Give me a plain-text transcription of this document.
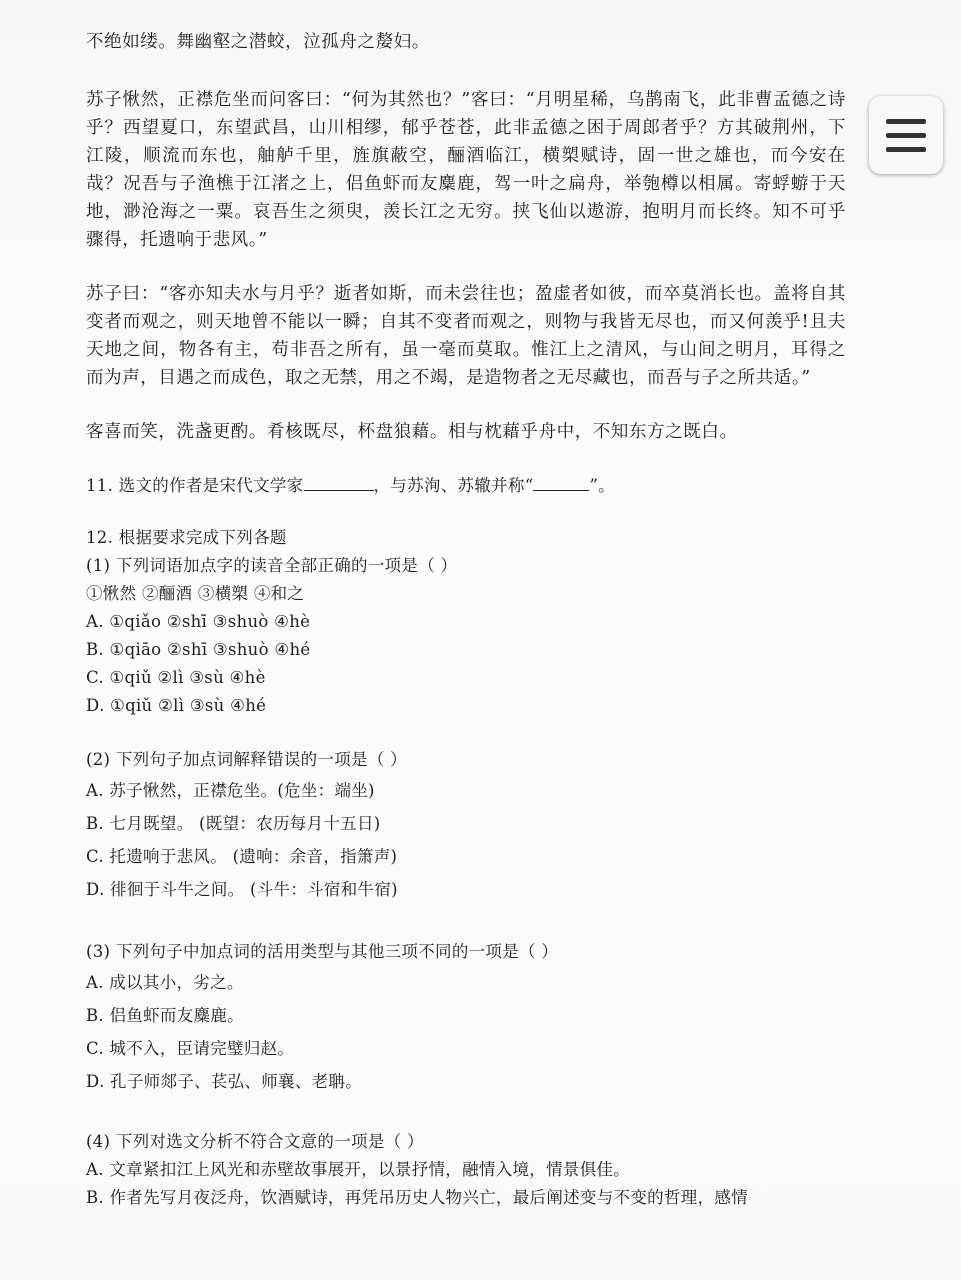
不绝如缕。舞幽壑之潜蛟，泣孤舟之嫠妇。

苏子愀然，正襟危坐而问客曰：“何为其然也？”客曰：“月明星稀，乌鹊南飞，此非曹孟德之诗乎？西望夏口，东望武昌，山川相缪，郁乎苍苍，此非孟德之困于周郎者乎？方其破荆州，下江陵，顺流而东也，舳舻千里，旌旗蔽空，酾酒临江，横槊赋诗，固一世之雄也，而今安在哉？况吾与子渔樵于江渚之上，侣鱼虾而友麋鹿，驾一叶之扁舟，举匏樽以相属。寄蜉蝣于天地，渺沧海之一粟。哀吾生之须臾，羡长江之无穷。挟飞仙以遨游，抱明月而长终。知不可乎骤得，托遗响于悲风。”

苏子曰：“客亦知夫水与月乎？逝者如斯，而未尝往也；盈虚者如彼，而卒莫消长也。盖将自其变者而观之，则天地曾不能以一瞬；自其不变者而观之，则物与我皆无尽也，而又何羡乎!且夫天地之间，物各有主，苟非吾之所有，虽一毫而莫取。惟江上之清风，与山间之明月，耳得之而为声，目遇之而成色，取之无禁，用之不竭，是造物者之无尽藏也，而吾与子之所共适。”

客喜而笑，洗盏更酌。肴核既尽，杯盘狼藉。相与枕藉乎舟中，不知东方之既白。

11. 选文的作者是宋代文学家	，与苏洵、苏辙并称“	”。

12. 根据要求完成下列各题

(1) 下列词语加点字的读音全部正确的一项是（ ）

①愀然 ②酾酒 ③横槊 ④和之

A. ①qiǎo ②shī ③shuò ④hè

B. ①qiāo ②shī ③shuò ④hé

C. ①qiǔ ②lì ③sù ④hè

D. ①qiǔ ②lì ③sù ④hé

(2) 下列句子加点词解释错误的一项是（ ）

A. 苏子愀然，正襟危坐。(危坐：端坐)

B. 七月既望。 (既望：农历每月十五日)

C. 托遗响于悲风。 (遗响：余音，指箫声)

D. 徘徊于斗牛之间。 (斗牛：斗宿和牛宿)

(3) 下列句子中加点词的活用类型与其他三项不同的一项是（ ）

A. 成以其小，劣之。

B. 侣鱼虾而友麋鹿。

C. 城不入，臣请完璧归赵。

D. 孔子师郯子、苌弘、师襄、老聃。

(4) 下列对选文分析不符合文意的一项是（ ）

A. 文章紧扣江上风光和赤壁故事展开，以景抒情，融情入境，情景俱佳。

B. 作者先写月夜泛舟，饮酒赋诗，再凭吊历史人物兴亡，最后阐述变与不变的哲理，感情
